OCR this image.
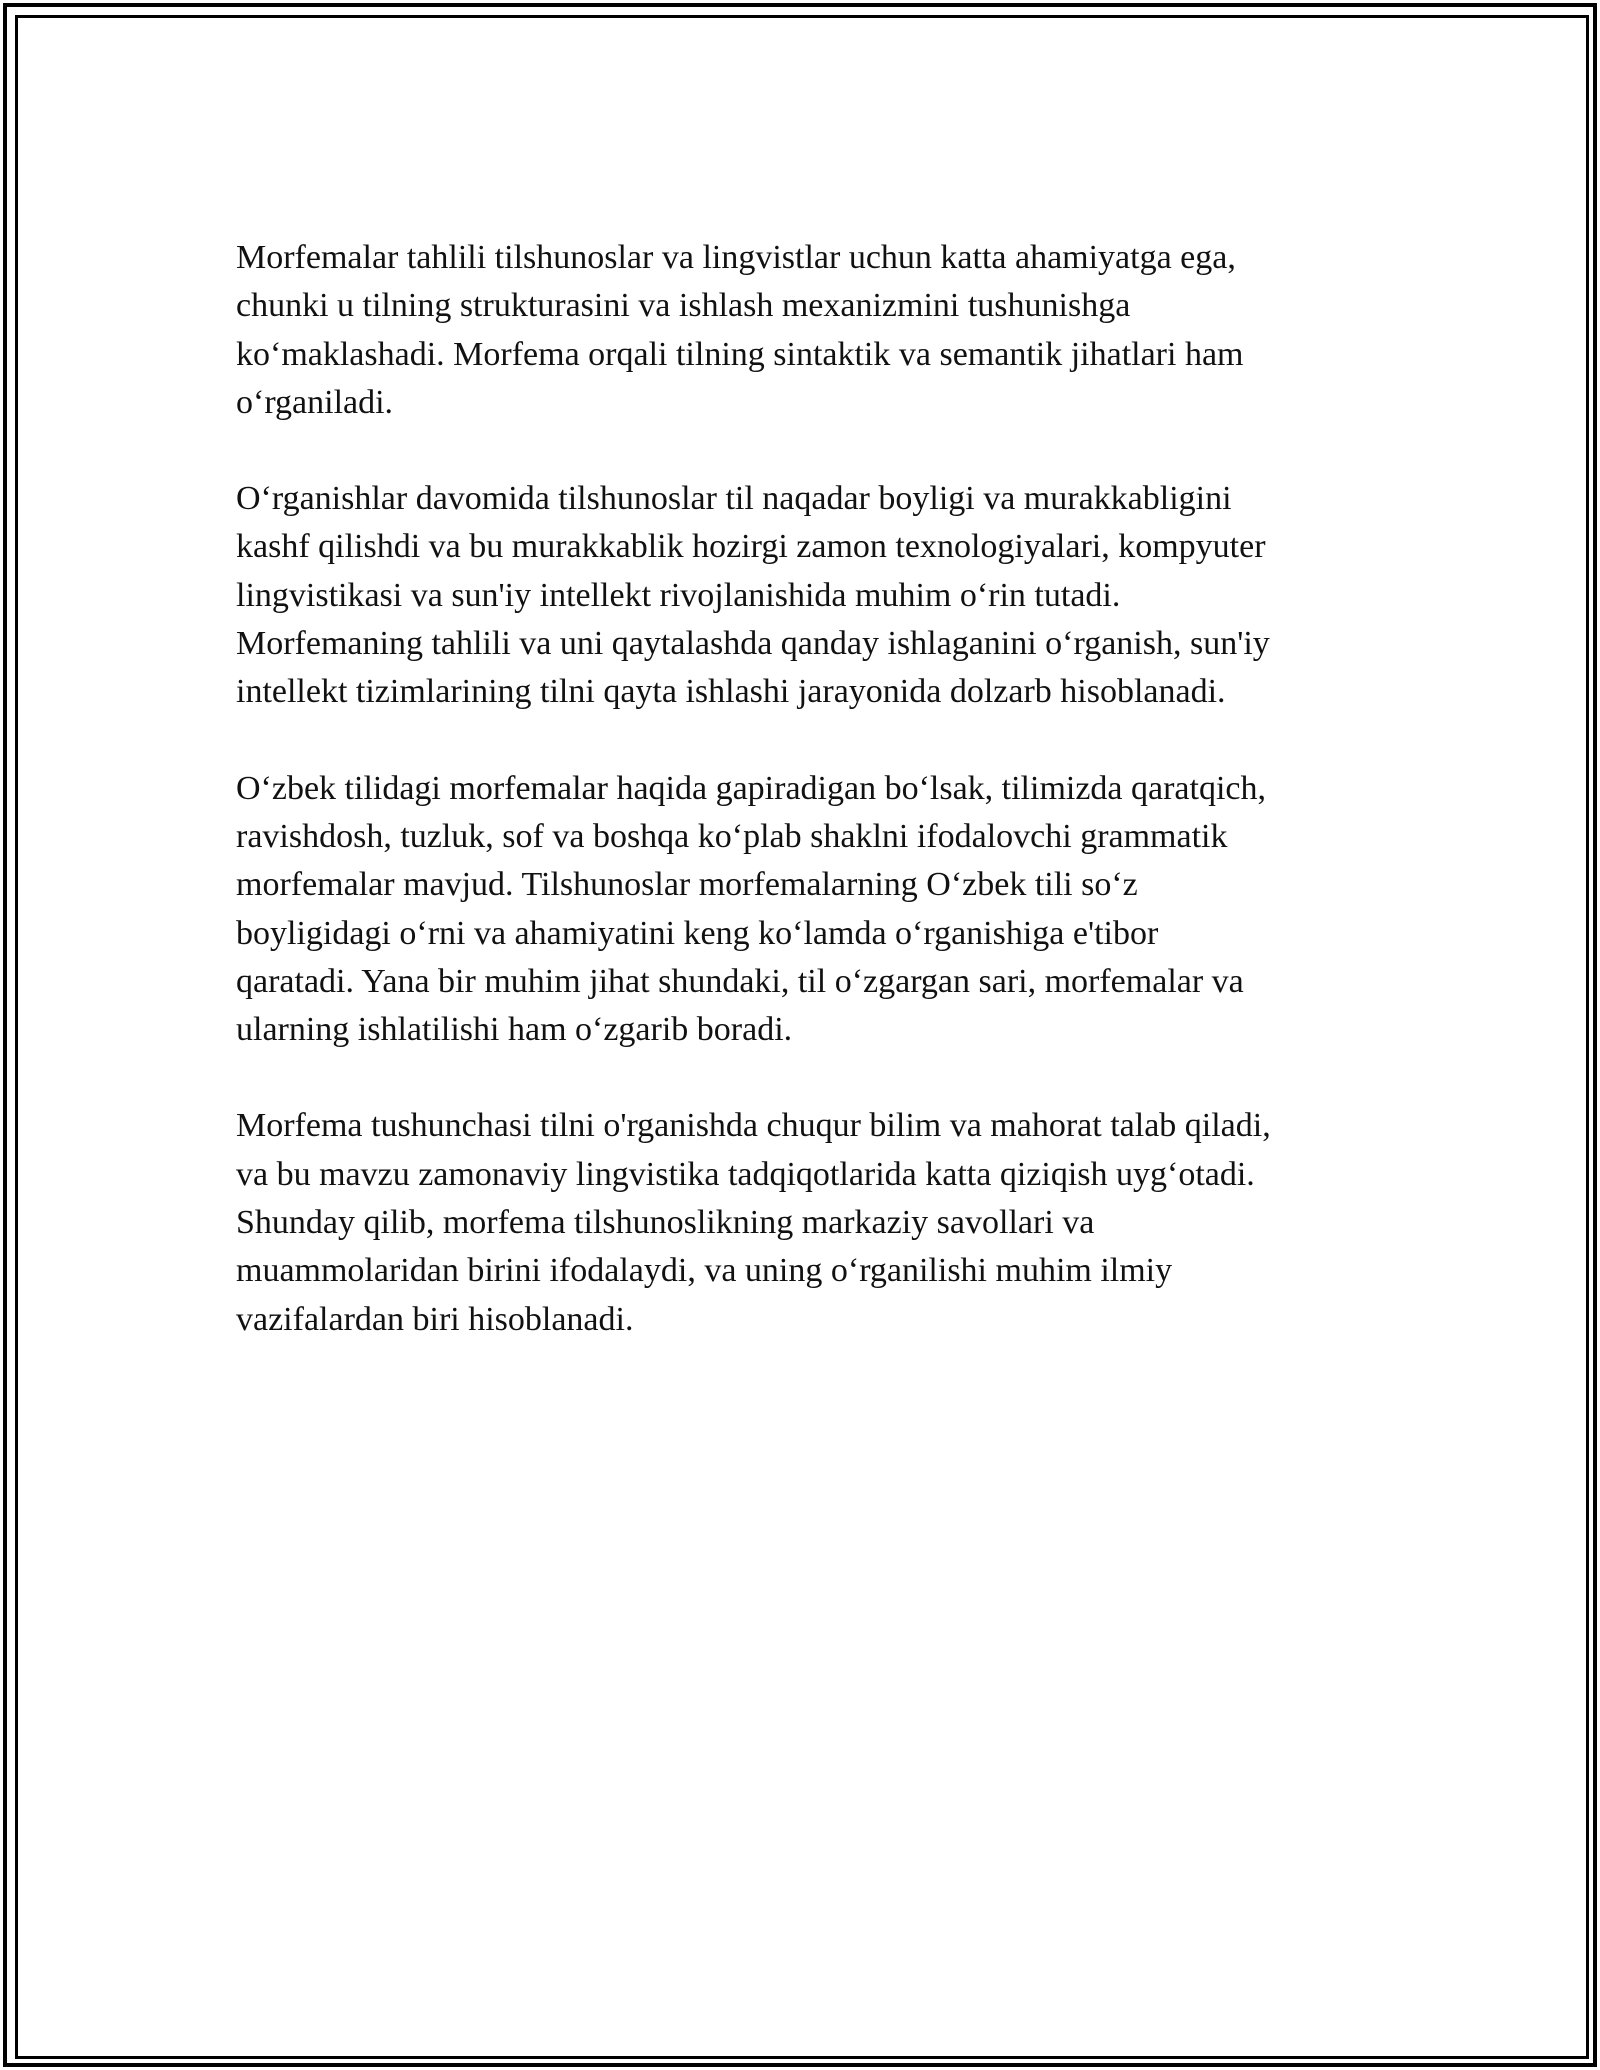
Morfemalar tahlili tilshunoslar va lingvistlar uchun katta ahamiyatga ega,
chunki u tilning strukturasini va ishlash mexanizmini tushunishga
ko‘maklashadi. Morfema orqali tilning sintaktik va semantik jihatlari ham
o‘rganiladi.

O‘rganishlar davomida tilshunoslar til naqadar boyligi va murakkabligini
kashf qilishdi va bu murakkablik hozirgi zamon texnologiyalari, kompyuter
lingvistikasi va sun'iy intellekt rivojlanishida muhim o‘rin tutadi.
Morfemaning tahlili va uni qaytalashda qanday ishlaganini o‘rganish, sun'iy
intellekt tizimlarining tilni qayta ishlashi jarayonida dolzarb hisoblanadi.

O‘zbek tilidagi morfemalar haqida gapiradigan bo‘lsak, tilimizda qaratqich,
ravishdosh, tuzluk, sof va boshqa ko‘plab shaklni ifodalovchi grammatik
morfemalar mavjud. Tilshunoslar morfemalarning O‘zbek tili so‘z
boyligidagi o‘rni va ahamiyatini keng ko‘lamda o‘rganishiga e'tibor
qaratadi. Yana bir muhim jihat shundaki, til o‘zgargan sari, morfemalar va
ularning ishlatilishi ham o‘zgarib boradi.

Morfema tushunchasi tilni o'rganishda chuqur bilim va mahorat talab qiladi,
va bu mavzu zamonaviy lingvistika tadqiqotlarida katta qiziqish uyg‘otadi.
Shunday qilib, morfema tilshunoslikning markaziy savollari va
muammolaridan birini ifodalaydi, va uning o‘rganilishi muhim ilmiy
vazifalardan biri hisoblanadi.
